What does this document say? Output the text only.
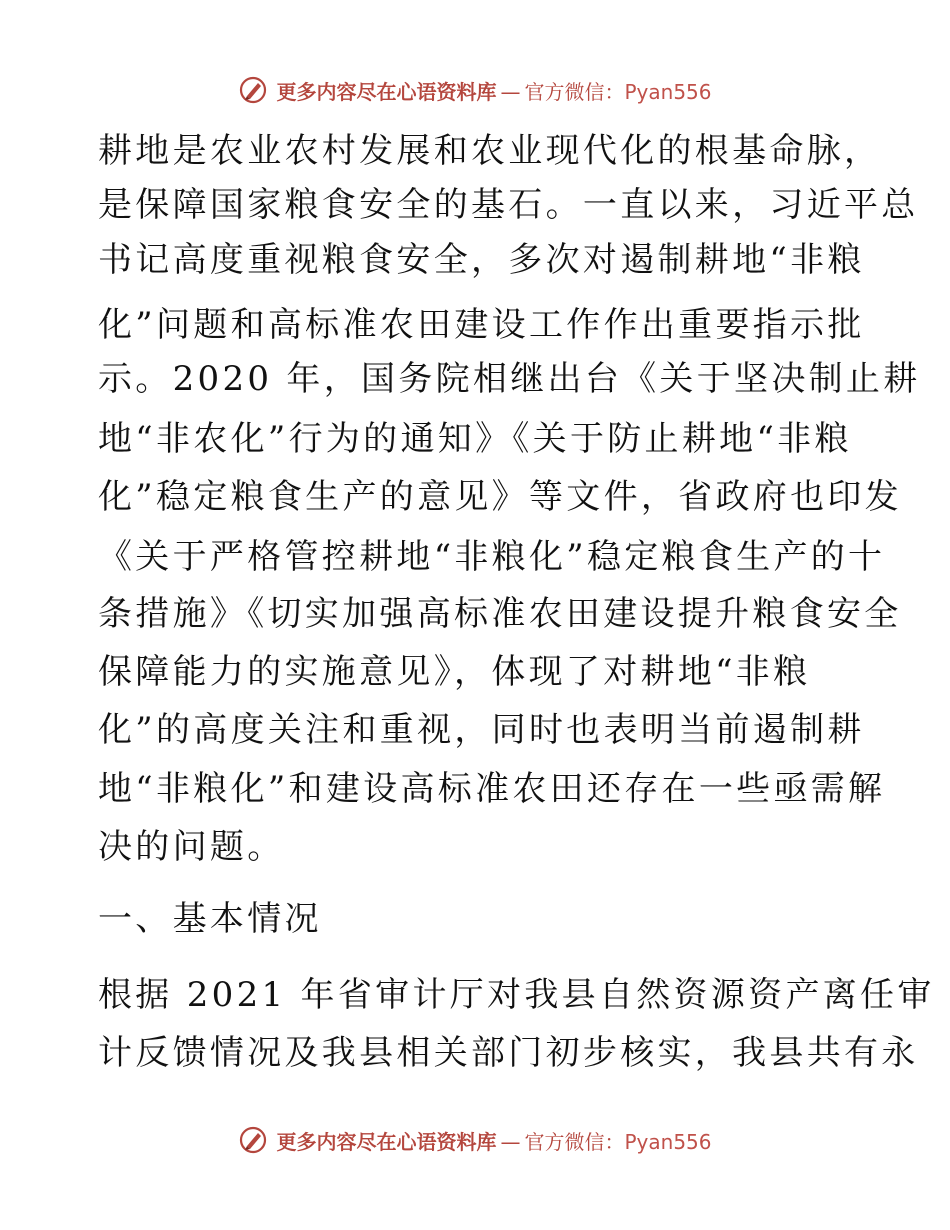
更多内容尽在心语资料库 — 官方微信： Pyan556
耕地是农业农村发展和农业现代化的根基命脉，
是保障国家粮食安全的基石。一直以来，习近平总
书记高度重视粮食安全，多次对遏制耕地“非粮
化”问题和高标准农田建设工作作出重要指示批
示。2020 年，国务院相继出台《关于坚决制止耕
地“非农化”行为的通知》《关于防止耕地“非粮
化”稳定粮食生产的意见》等文件，省政府也印发
《关于严格管控耕地“非粮化”稳定粮食生产的十
条措施》《切实加强高标准农田建设提升粮食安全
保障能力的实施意见》，体现了对耕地“非粮
化”的高度关注和重视，同时也表明当前遏制耕
地“非粮化”和建设高标准农田还存在一些亟需解
决的问题。
一、基本情况
根据 2021 年省审计厅对我县自然资源资产离任审
计反馈情况及我县相关部门初步核实，我县共有永
更多内容尽在心语资料库 — 官方微信： Pyan556
